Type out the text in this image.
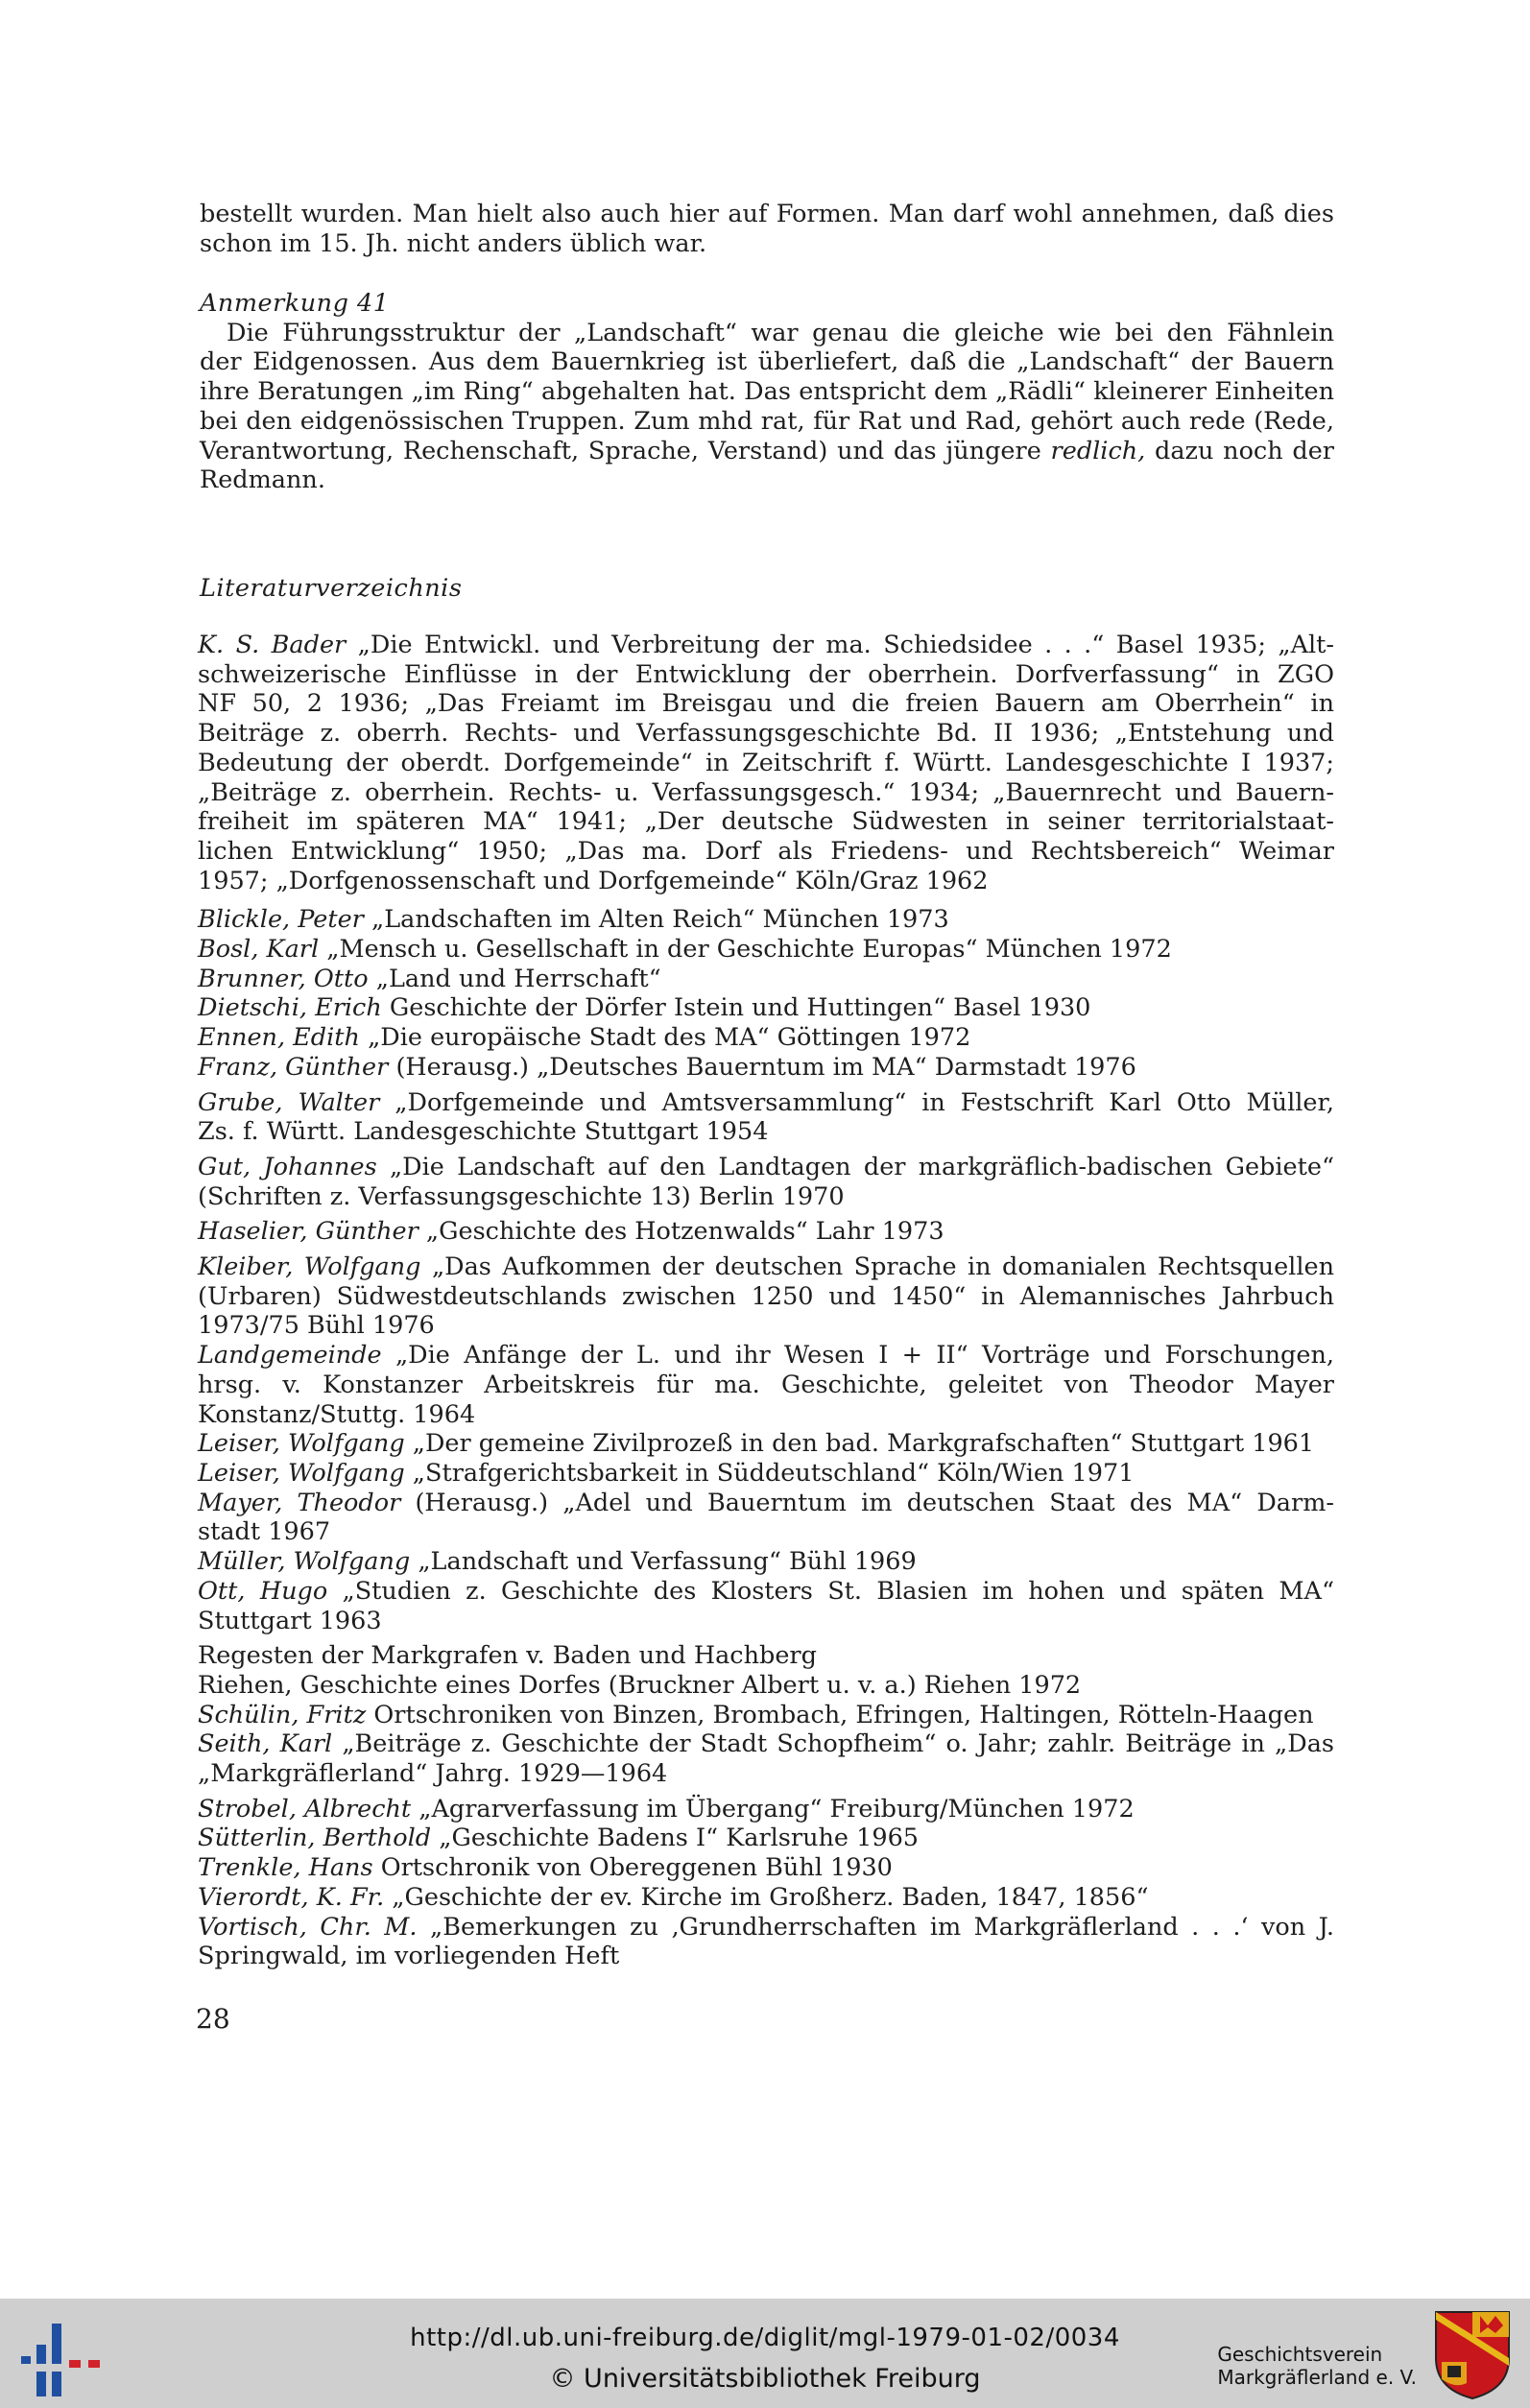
bestellt wurden. Man hielt also auch hier auf Formen. Man darf wohl annehmen, daß dies
schon im 15. Jh. nicht anders üblich war.
Anmerkung 41
Die Führungsstruktur der „Landschaft“ war genau die gleiche wie bei den Fähnlein
der Eidgenossen. Aus dem Bauernkrieg ist überliefert, daß die „Landschaft“ der Bauern
ihre Beratungen „im Ring“ abgehalten hat. Das entspricht dem „Rädli“ kleinerer Einheiten
bei den eidgenössischen Truppen. Zum mhd rat, für Rat und Rad, gehört auch rede (Rede,
Verantwortung, Rechenschaft, Sprache, Verstand) und das jüngere redlich, dazu noch der
Redmann.
Literaturverzeichnis
K. S. Bader „Die Entwickl. und Verbreitung der ma. Schiedsidee . . .“ Basel 1935; „Alt-
schweizerische Einflüsse in der Entwicklung der oberrhein. Dorfverfassung“ in ZGO
NF 50, 2 1936; „Das Freiamt im Breisgau und die freien Bauern am Oberrhein“ in
Beiträge z. oberrh. Rechts- und Verfassungsgeschichte Bd. II 1936; „Entstehung und
Bedeutung der oberdt. Dorfgemeinde“ in Zeitschrift f. Württ. Landesgeschichte I 1937;
„Beiträge z. oberrhein. Rechts- u. Verfassungsgesch.“ 1934; „Bauernrecht und Bauern-
freiheit im späteren MA“ 1941; „Der deutsche Südwesten in seiner territorialstaat-
lichen Entwicklung“ 1950; „Das ma. Dorf als Friedens- und Rechtsbereich“ Weimar
1957; „Dorfgenossenschaft und Dorfgemeinde“ Köln/Graz 1962
Blickle, Peter „Landschaften im Alten Reich“ München 1973
Bosl, Karl „Mensch u. Gesellschaft in der Geschichte Europas“ München 1972
Brunner, Otto „Land und Herrschaft“
Dietschi, Erich Geschichte der Dörfer Istein und Huttingen“ Basel 1930
Ennen, Edith „Die europäische Stadt des MA“ Göttingen 1972
Franz, Günther (Herausg.) „Deutsches Bauerntum im MA“ Darmstadt 1976
Grube, Walter „Dorfgemeinde und Amtsversammlung“ in Festschrift Karl Otto Müller,
Zs. f. Württ. Landesgeschichte Stuttgart 1954
Gut, Johannes „Die Landschaft auf den Landtagen der markgräflich-badischen Gebiete“
(Schriften z. Verfassungsgeschichte 13) Berlin 1970
Haselier, Günther „Geschichte des Hotzenwalds“ Lahr 1973
Kleiber, Wolfgang „Das Aufkommen der deutschen Sprache in domanialen Rechtsquellen
(Urbaren) Südwestdeutschlands zwischen 1250 und 1450“ in Alemannisches Jahrbuch
1973/75 Bühl 1976
Landgemeinde „Die Anfänge der L. und ihr Wesen I + II“ Vorträge und Forschungen,
hrsg. v. Konstanzer Arbeitskreis für ma. Geschichte, geleitet von Theodor Mayer
Konstanz/Stuttg. 1964
Leiser, Wolfgang „Der gemeine Zivilprozeß in den bad. Markgrafschaften“ Stuttgart 1961
Leiser, Wolfgang „Strafgerichtsbarkeit in Süddeutschland“ Köln/Wien 1971
Mayer, Theodor (Herausg.) „Adel und Bauerntum im deutschen Staat des MA“ Darm-
stadt 1967
Müller, Wolfgang „Landschaft und Verfassung“ Bühl 1969
Ott, Hugo „Studien z. Geschichte des Klosters St. Blasien im hohen und späten MA“
Stuttgart 1963
Regesten der Markgrafen v. Baden und Hachberg
Riehen, Geschichte eines Dorfes (Bruckner Albert u. v. a.) Riehen 1972
Schülin, Fritz Ortschroniken von Binzen, Brombach, Efringen, Haltingen, Rötteln-Haagen
Seith, Karl „Beiträge z. Geschichte der Stadt Schopfheim“ o. Jahr; zahlr. Beiträge in „Das
„Markgräflerland“ Jahrg. 1929—1964
Strobel, Albrecht „Agrarverfassung im Übergang“ Freiburg/München 1972
Sütterlin, Berthold „Geschichte Badens I“ Karlsruhe 1965
Trenkle, Hans Ortschronik von Obereggenen Bühl 1930
Vierordt, K. Fr. „Geschichte der ev. Kirche im Großherz. Baden, 1847, 1856“
Vortisch, Chr. M. „Bemerkungen zu ‚Grundherrschaften im Markgräflerland . . .‘ von J.
Springwald, im vorliegenden Heft
28
http://dl.ub.uni-freiburg.de/diglit/mgl-1979-01-02/0034
© Universitätsbibliothek Freiburg
Geschichtsverein
Markgräflerland e. V.
